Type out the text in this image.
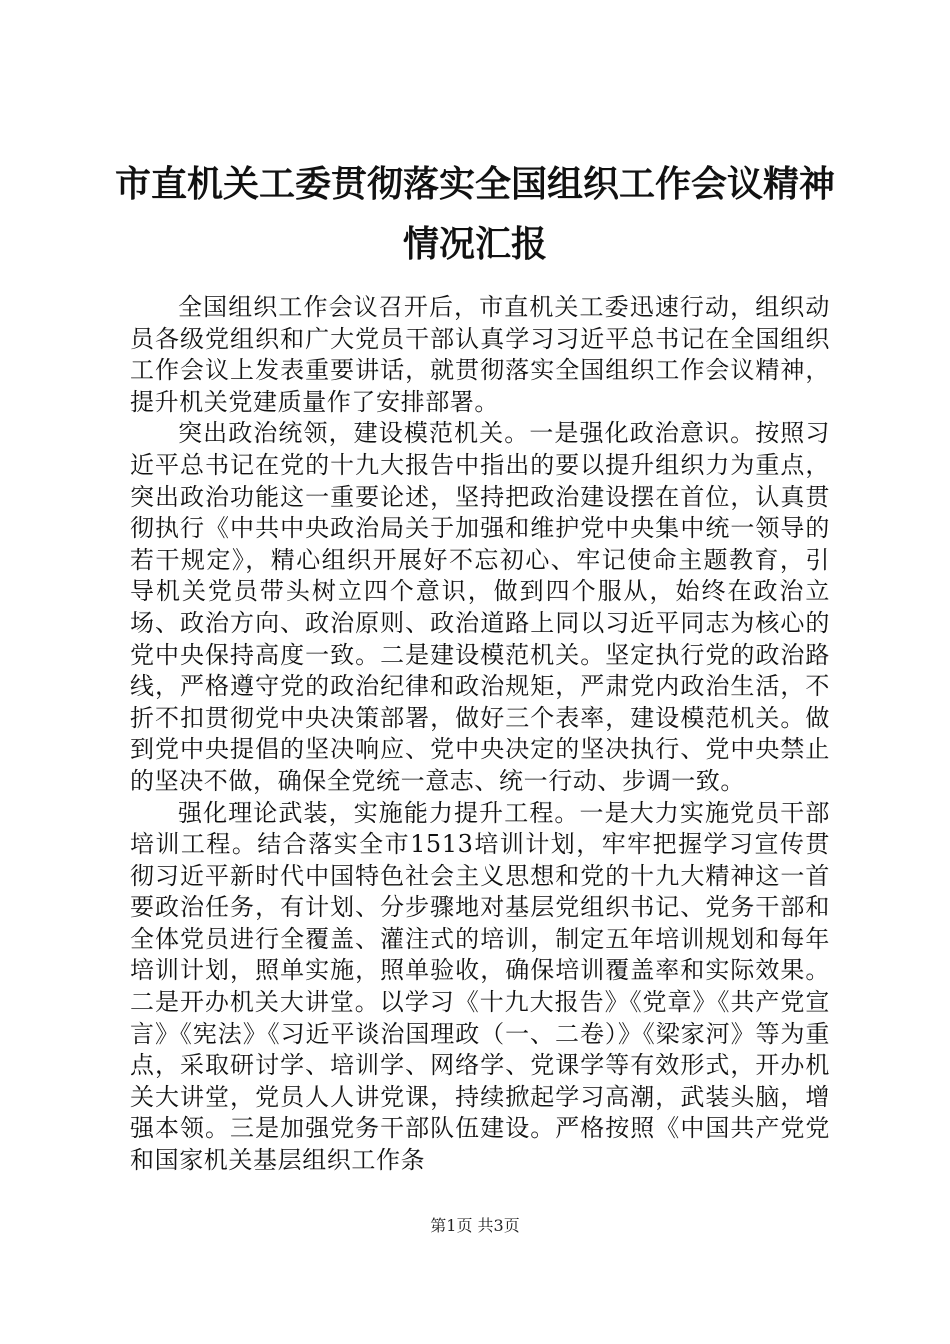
市直机关工委贯彻落实全国组织工作会议精神
情况汇报

全国组织工作会议召开后，市直机关工委迅速行动，组织动员各级党组织和广大党员干部认真学习习近平总书记在全国组织工作会议上发表重要讲话，就贯彻落实全国组织工作会议精神，提升机关党建质量作了安排部署。

突出政治统领，建设模范机关。一是强化政治意识。按照习近平总书记在党的十九大报告中指出的要以提升组织力为重点，突出政治功能这一重要论述，坚持把政治建设摆在首位，认真贯彻执行《中共中央政治局关于加强和维护党中央集中统一领导的若干规定》，精心组织开展好不忘初心、牢记使命主题教育，引导机关党员带头树立四个意识，做到四个服从，始终在政治立场、政治方向、政治原则、政治道路上同以习近平同志为核心的党中央保持高度一致。二是建设模范机关。坚定执行党的政治路线，严格遵守党的政治纪律和政治规矩，严肃党内政治生活，不折不扣贯彻党中央决策部署，做好三个表率，建设模范机关。做到党中央提倡的坚决响应、党中央决定的坚决执行、党中央禁止的坚决不做，确保全党统一意志、统一行动、步调一致。

强化理论武装，实施能力提升工程。一是大力实施党员干部培训工程。结合落实全市1513培训计划，牢牢把握学习宣传贯彻习近平新时代中国特色社会主义思想和党的十九大精神这一首要政治任务，有计划、分步骤地对基层党组织书记、党务干部和全体党员进行全覆盖、灌注式的培训，制定五年培训规划和每年培训计划，照单实施，照单验收，确保培训覆盖率和实际效果。二是开办机关大讲堂。以学习《十九大报告》《党章》《共产党宣言》《宪法》《习近平谈治国理政（一、二卷）》《梁家河》等为重点，采取研讨学、培训学、网络学、党课学等有效形式，开办机关大讲堂，党员人人讲党课，持续掀起学习高潮，武装头脑，增强本领。三是加强党务干部队伍建设。严格按照《中国共产党党和国家机关基层组织工作条

第1页 共3页
